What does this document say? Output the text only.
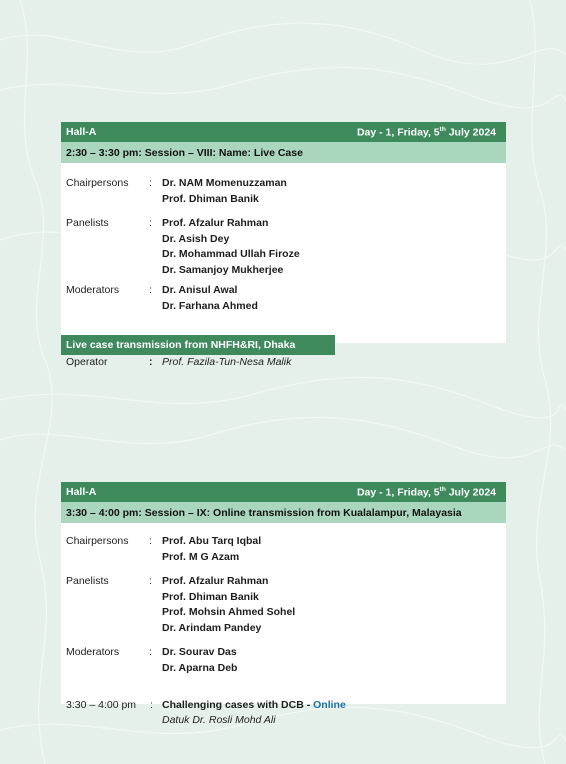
Hall-A	Day - 1, Friday, 5th July 2024
2:30 – 3:30 pm: Session – VIII: Name: Live Case
Chairpersons	: Dr. NAM Momenuzzaman
Prof. Dhiman Banik
Panelists	: Prof. Afzalur Rahman
Dr. Asish Dey
Dr. Mohammad Ullah Firoze
Dr. Samanjoy Mukherjee
Moderators	: Dr. Anisul Awal
Dr. Farhana Ahmed
Live case transmission from NHFH&RI, Dhaka
Operator	: Prof. Fazila-Tun-Nesa Malik
Hall-A	Day - 1, Friday, 5th July 2024
3:30 – 4:00 pm: Session – IX: Online transmission from Kualalampur, Malayasia
Chairpersons	: Prof. Abu Tarq Iqbal
Prof. M G Azam
Panelists	: Prof. Afzalur Rahman
Prof. Dhiman Banik
Prof. Mohsin Ahmed Sohel
Dr. Arindam Pandey
Moderators	: Dr. Sourav Das
Dr. Aparna Deb
3:30 – 4:00 pm	: Challenging cases with DCB - Online
Datuk Dr. Rosli Mohd Ali
